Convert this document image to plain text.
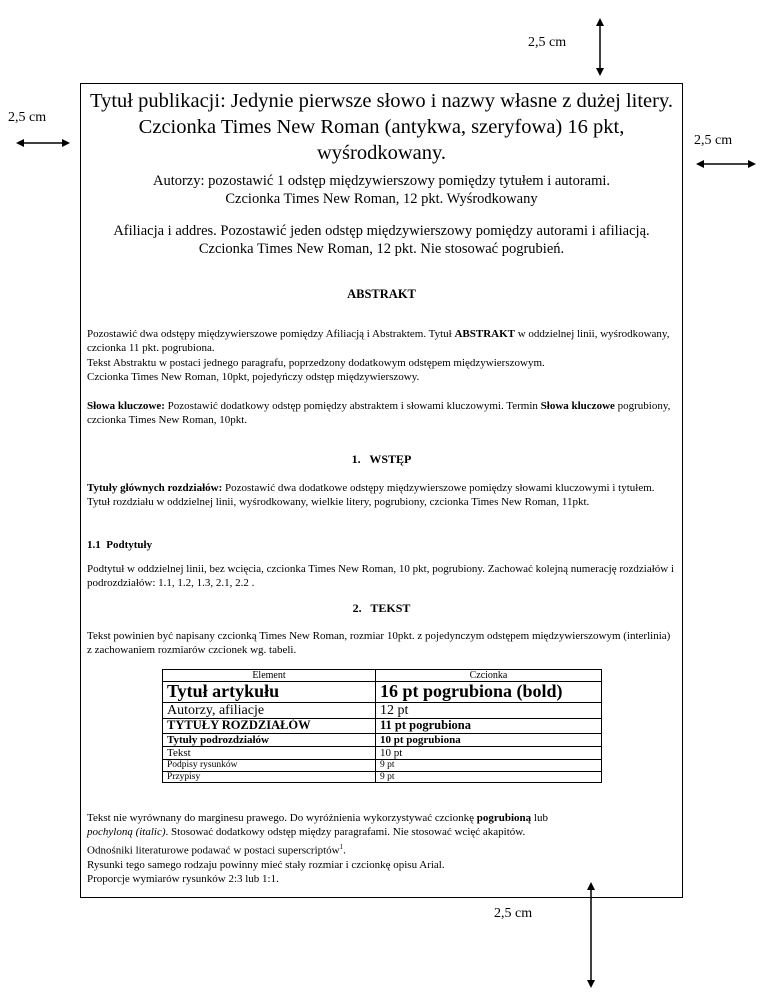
2,5 cm
2,5 cm
2,5 cm
2,5 cm
Tytuł publikacji: Jedynie pierwsze słowo i nazwy własne z dużej litery. Czcionka Times New Roman (antykwa, szeryfowa) 16 pkt, wyśrodkowany.
Autorzy: pozostawić 1 odstęp międzywierszowy pomiędzy tytułem i autorami.
Czcionka Times New Roman, 12 pkt. Wyśrodkowany
Afiliacja i addres. Pozostawić jeden odstęp międzywierszowy pomiędzy autorami i afiliacją.
Czcionka Times New Roman, 12 pkt. Nie stosować pogrubień.
ABSTRAKT
Pozostawić dwa odstępy międzywierszowe pomiędzy Afiliacją i Abstraktem. Tytuł ABSTRAKT w oddzielnej linii, wyśrodkowany, czcionka 11 pkt. pogrubiona.
Tekst Abstraktu w postaci jednego paragrafu, poprzedzony dodatkowym odstępem międzywierszowym.
Czcionka Times New Roman, 10pkt, pojedyńczy odstęp międzywierszowy.
Słowa kluczowe: Pozostawić dodatkowy odstęp pomiędzy abstraktem i słowami kluczowymi. Termin Słowa kluczowe pogrubiony, czcionka Times New Roman, 10pkt.
1.   WSTĘP
Tytuły głównych rozdziałów: Pozostawić dwa dodatkowe odstępy międzywierszowe pomiędzy słowami kluczowymi i tytułem. Tytuł rozdziału w oddzielnej linii, wyśrodkowany, wielkie litery, pogrubiony, czcionka Times New Roman, 11pkt.
1.1  Podtytuły
Podtytuł w oddzielnej linii, bez wcięcia, czcionka Times New Roman, 10 pkt, pogrubiony. Zachować kolejną numerację rozdziałów i podrozdziałów: 1.1, 1.2, 1.3, 2.1, 2.2 .
2.   TEKST
Tekst powinien być napisany czcionką Times New Roman, rozmiar 10pkt. z pojedynczym odstępem międzywierszowym (interlinia) z zachowaniem rozmiarów czcionek wg. tabeli.
Element	Czcionka
Tytuł artykułu	16 pt pogrubiona (bold)
Autorzy, afiliacje	12 pt
TYTUŁY ROZDZIAŁÓW	11 pt pogrubiona
Tytuły podrozdziałów	10 pt pogrubiona
Tekst	10 pt
Podpisy rysunków	9 pt
Przypisy	9 pt
Tekst nie wyrównany do marginesu prawego. Do wyróżnienia wykorzystywać czcionkę pogrubioną lub
pochyloną (italic). Stosować dodatkowy odstęp między paragrafami. Nie stosować wcięć akapitów.
Odnośniki literaturowe podawać w postaci superscriptów$^1$.
Rysunki tego samego rodzaju powinny mieć stały rozmiar i czcionkę opisu Arial.
Proporcje wymiarów rysunków 2:3 lub 1:1.
